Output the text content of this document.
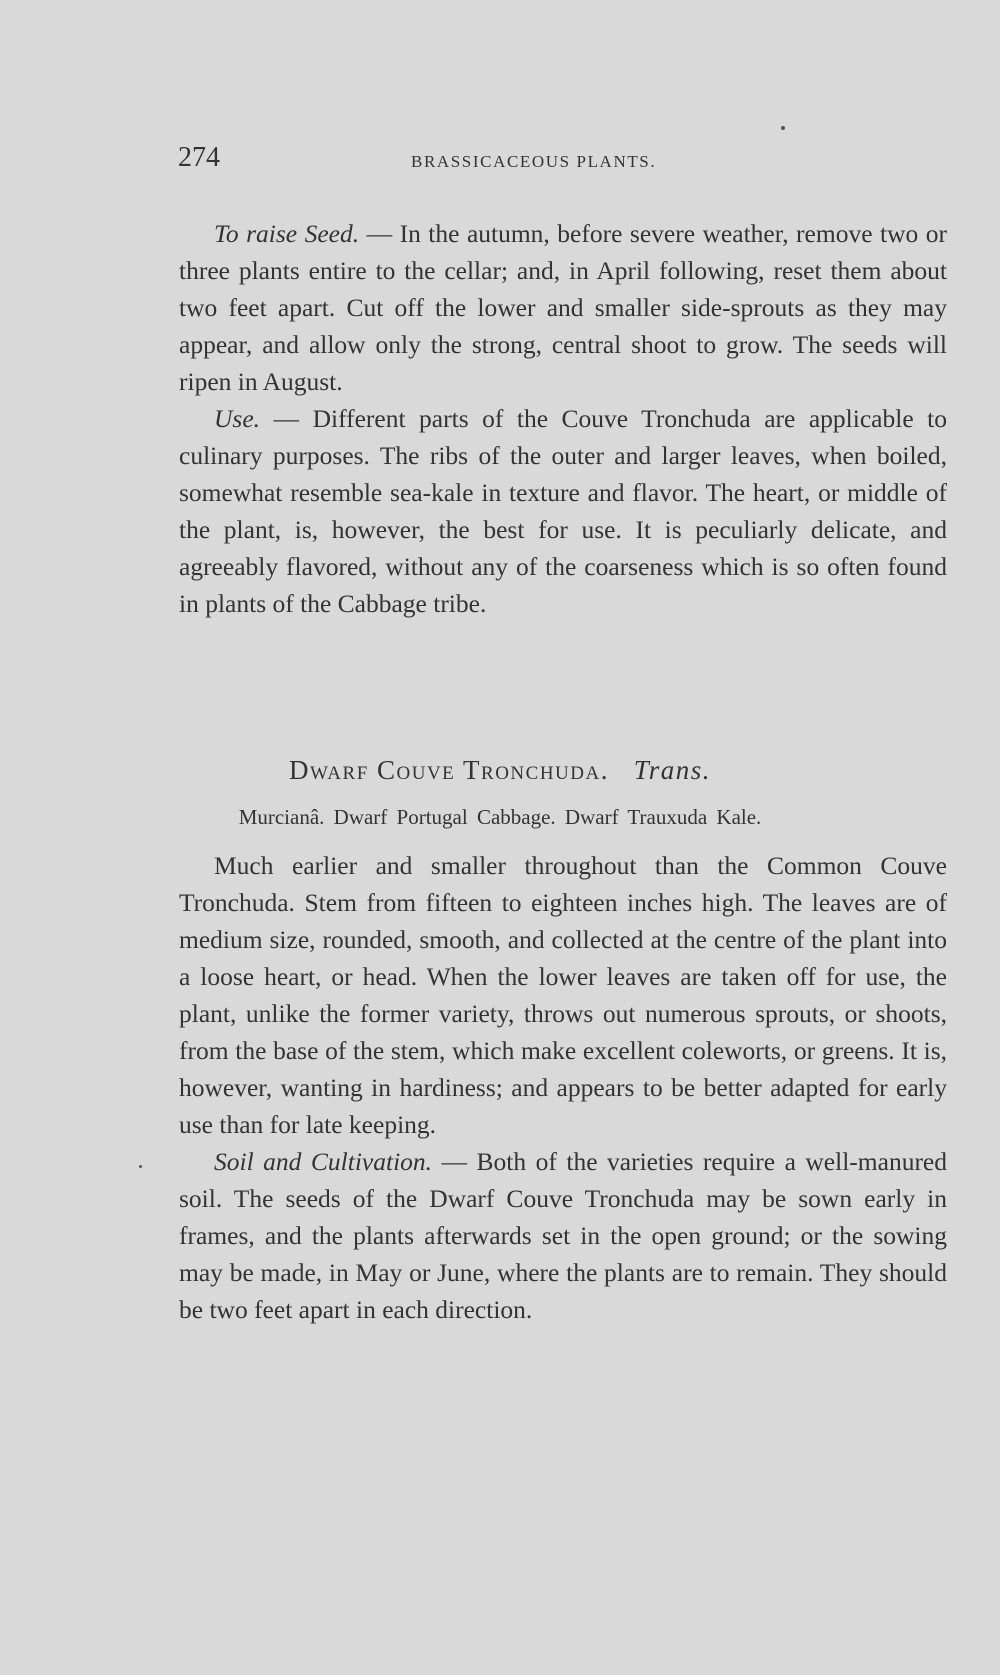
274	BRASSICACEOUS PLANTS.

To raise Seed. — In the autumn, before severe weather, remove two or three plants entire to the cellar; and, in April following, reset them about two feet apart. Cut off the lower and smaller side-sprouts as they may appear, and allow only the strong, central shoot to grow. The seeds will ripen in August.

Use. — Different parts of the Couve Tronchuda are applicable to culinary purposes. The ribs of the outer and larger leaves, when boiled, somewhat resemble sea-kale in texture and flavor. The heart, or middle of the plant, is, however, the best for use. It is peculiarly delicate, and agreeably flavored, without any of the coarseness which is so often found in plants of the Cabbage tribe.

Dwarf Couve Tronchuda. Trans.
Murcianâ. Dwarf Portugal Cabbage. Dwarf Trauxuda Kale.

Much earlier and smaller throughout than the Common Couve Tronchuda. Stem from fifteen to eighteen inches high. The leaves are of medium size, rounded, smooth, and collected at the centre of the plant into a loose heart, or head. When the lower leaves are taken off for use, the plant, unlike the former variety, throws out numerous sprouts, or shoots, from the base of the stem, which make excellent coleworts, or greens. It is, however, wanting in hardiness; and appears to be better adapted for early use than for late keeping.

Soil and Cultivation. — Both of the varieties require a well-manured soil. The seeds of the Dwarf Couve Tronchuda may be sown early in frames, and the plants afterwards set in the open ground; or the sowing may be made, in May or June, where the plants are to remain. They should be two feet apart in each direction.
